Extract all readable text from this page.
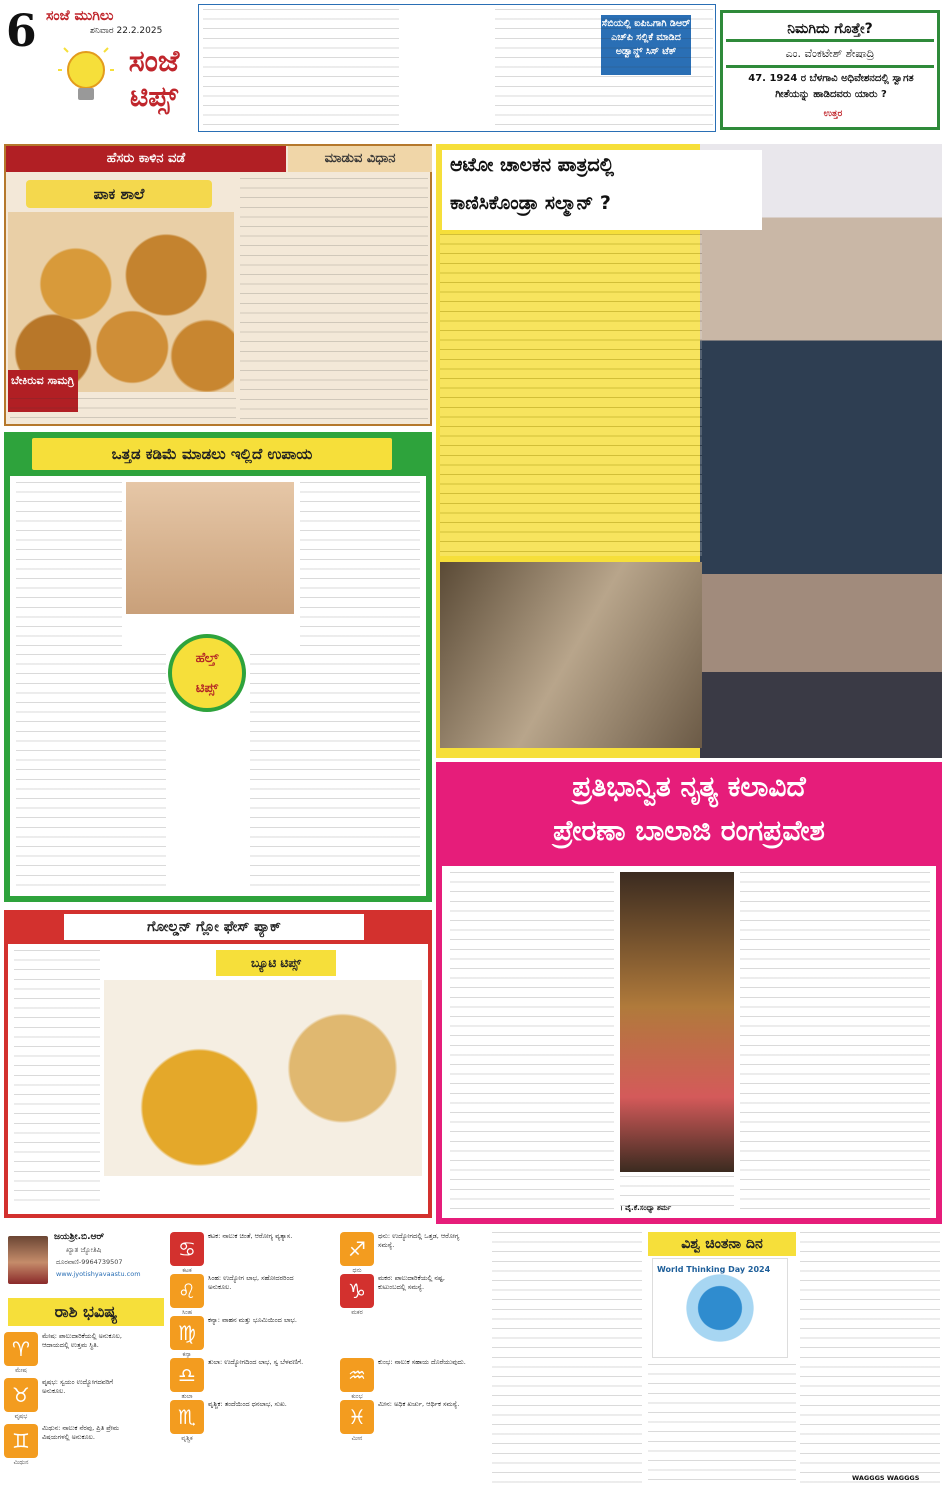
6 ಸಂಜೆ ಮುಗಿಲು
ಶನಿವಾರ 22.2.2025
ಸಂಜೆ
ಟಿಪ್ಸ್
ಸೆಬಿಯಲ್ಲಿ ಐಪಿಒಗಾಗಿ ಡಿಆರ್ ಎಚ್‌ಪಿ ಸಲ್ಲಿಕೆ ಮಾಡಿದ ಅಡ್ವಾನ್ಡ್ ಸಿಸ್ ಟೆಕ್
ನಿಮಗಿದು ಗೊತ್ತೇ?
ಎಂ. ವೆಂಕಟೇಶ್ ಶೇಷಾದ್ರಿ
47. 1924 ರ ಬೆಳಗಾವಿ ಅಧಿವೇಶನದಲ್ಲಿ ಸ್ವಾಗತ ಗೀತೆಯನ್ನು ಹಾಡಿದವರು ಯಾರು ?
ಉತ್ತರ
ಹೆಸರು ಕಾಳಿನ ವಡೆ	ಮಾಡುವ ವಿಧಾನ
ಪಾಕ ಶಾಲೆ
ಬೇಕಿರುವ ಸಾಮಗ್ರಿ
ಒತ್ತಡ ಕಡಿಮೆ ಮಾಡಲು ಇಲ್ಲಿದೆ ಉಪಾಯ
ಹೆಲ್ತ್
ಟಿಪ್ಸ್
ಗೋಲ್ಡನ್ ಗ್ಲೋ ಫೇಸ್ ಪ್ಯಾಕ್
ಬ್ಯೂಟಿ ಟಿಪ್ಸ್
ಆಟೋ ಚಾಲಕನ ಪಾತ್ರದಲ್ಲಿ
ಕಾಣಿಸಿಕೊಂಡ್ರಾ ಸಲ್ಮಾನ್ ?
ಪ್ರತಿಭಾನ್ವಿತ ನೃತ್ಯ ಕಲಾವಿದೆ
ಪ್ರೇರಣಾ ಬಾಲಾಜಿ ರಂಗಪ್ರವೇಶ
। ವೈ.ಕೆ.ಸಂಧ್ಯಾ ಶರ್ಮ
ಜಯಶ್ರೀ.ಬಿ.ಆರ್
ಖ್ಯಾತ ಜ್ಯೋತಿಷಿ
ದೂರವಾಣಿ-9964739507
www.jyotishyavaastu.com
ರಾಶಿ ಭವಿಷ್ಯ
♈
ಮೇಷ
ಮೇಷ: ಪಾಲುದಾರಿಕೆಯಲ್ಲಿ ಅನುಕೂಲ, ಆದಾಯದಲ್ಲಿ ಉತ್ತಮ ಸ್ಥಿತಿ.
♉
ವೃಷಭ
ವೃಷಭ: ಸ್ವಯಂ ಉದ್ಯೋಗದವರಿಗೆ ಅನುಕೂಲ.
♊
ಮಿಥುನ
ಮಿಥುನ: ನಾಲುಕ ನೆರವು, ಪ್ರಿತಿ ಪ್ರೇಮ ವಿಷಯಗಳಲ್ಲಿ ಅನುಕೂಲ.
♋
ಕಟಕ
ಕಟಕ: ನಾಲುಕ ಚಿಂತೆ, ಆರೋಗ್ಯ ವ್ಯತ್ಯಾಸ.
♌
ಸಿಂಹ
ಸಿಂಹ: ಉದ್ಯೋಗ ಲಾಭ, ಸಹೋದರರಿಂದ ಅನುಕೂಲ.
♍
ಕನ್ಯಾ
ಕನ್ಯಾ: ವಾಹನ ಮತ್ತು ಭೂಮಿಯಿಂದ ಲಾಭ.
♎
ತುಲಾ
ತುಲಾ: ಉದ್ಯೋಗದಿಂದ ಲಾಭ, ಸ್ವ ಬೆಳವಣಿಗೆ.
♏
ವೃಶ್ಚಿಕ
ವೃಶ್ಚಿಕ: ತಂದೆಯಿಂದ ಧನಲಾಭ, ಸುಖ.
♐
ಧನು
ಧನು: ಉದ್ಯೋಗದಲ್ಲಿ ಒತ್ತಡ, ಆರೋಗ್ಯ ಸಮಸ್ಯೆ.
♑
ಮಕರ
ಮಕರ: ಪಾಲುದಾರಿಕೆಯಲ್ಲಿ ನಷ್ಟ, ಕುಟುಂಬದಲ್ಲಿ ಸಮಸ್ಯೆ.
♒
ಕುಂಭ
ಕುಂಭ: ನಾಲುಕ ಸಹಾಯ ದೊರೆಯುವುದು.
♓
ಮೀನ
ಮೀನ: ಅಧಿಕ ಖರ್ಚು, ಆರ್ಥಿಕ ಸಮಸ್ಯೆ.
ವಿಶ್ವ ಚಿಂತನಾ ದಿನ
World Thinking Day 2024
WAGGGS WAGGGS
